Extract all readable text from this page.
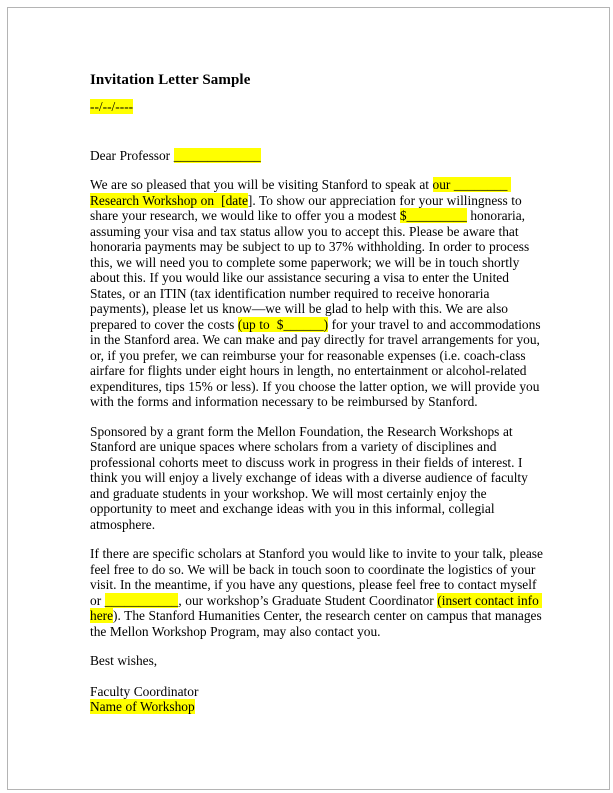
Invitation Letter Sample

--/--/----

Dear Professor _____________

We are so pleased that you will be visiting Stanford to speak at our ________ Research Workshop on  [date]. To show our appreciation for your willingness to share your research, we would like to offer you a modest $_________ honoraria, assuming your visa and tax status allow you to accept this. Please be aware that honoraria payments may be subject to up to 37% withholding. In order to process this, we will need you to complete some paperwork; we will be in touch shortly about this. If you would like our assistance securing a visa to enter the United States, or an ITIN (tax identification number required to receive honoraria payments), please let us know—we will be glad to help with this. We are also prepared to cover the costs (up to  $______) for your travel to and accommodations in the Stanford area. We can make and pay directly for travel arrangements for you, or, if you prefer, we can reimburse your for reasonable expenses (i.e. coach-class airfare for flights under eight hours in length, no entertainment or alcohol-related expenditures, tips 15% or less). If you choose the latter option, we will provide you with the forms and information necessary to be reimbursed by Stanford.

Sponsored by a grant form the Mellon Foundation, the Research Workshops at Stanford are unique spaces where scholars from a variety of disciplines and professional cohorts meet to discuss work in progress in their fields of interest. I think you will enjoy a lively exchange of ideas with a diverse audience of faculty and graduate students in your workshop. We will most certainly enjoy the opportunity to meet and exchange ideas with you in this informal, collegial atmosphere.

If there are specific scholars at Stanford you would like to invite to your talk, please feel free to do so. We will be back in touch soon to coordinate the logistics of your visit. In the meantime, if you have any questions, please feel free to contact myself or ___________, our workshop’s Graduate Student Coordinator (insert contact info here). The Stanford Humanities Center, the research center on campus that manages the Mellon Workshop Program, may also contact you.

Best wishes,

Faculty Coordinator

Name of Workshop
